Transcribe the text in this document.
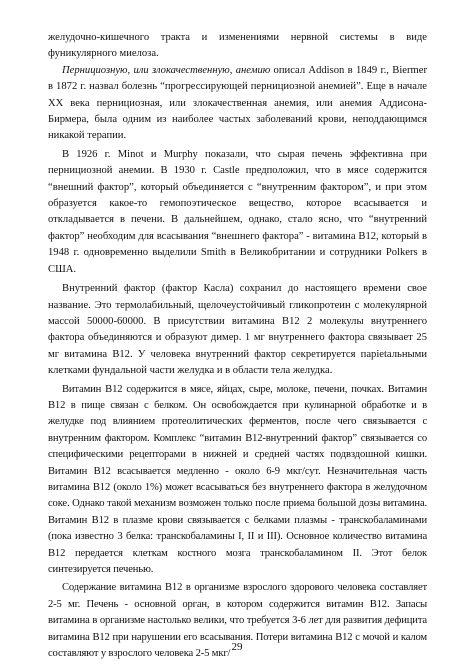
желудочно-кишечного тракта и изменениями нервной системы в виде фуникулярного миелоза.

Пернициозную, или злокачественную, анемию описал Addison в 1849 г., Biermer в 1872 г. назвал болезнь “прогрессирующей пернициозной анемией”. Еще в начале ХХ века пернициозная, или злокачественная анемия, или анемия Аддисона-Бирмера, была одним из наиболее частых заболеваний крови, неподдающимся никакой терапии.

В 1926 г. Minot и Murphy показали, что сырая печень эффективна при пернициозной анемии. В 1930 г. Castle предположил, что в мясе содержится “внешний фактор”, который объединяется с “внутренним фактором”, и при этом образуется какое-то гемопоэтическое вещество, которое всасывается и откладывается в печени. В дальнейшем, однако, стало ясно, что “внутренний фактор” необходим для всасывания “внешнего фактора” - витамина В12, который в 1948 г. одновременно выделили Smith в Великобритании и сотрудники Polkers в США.

Внутренний фактор (фактор Касла) сохранил до настоящего времени свое название. Это термолабильный, щелочеустойчивый гликопротеин с молекулярной массой 50000-60000. В присутствии витамина В12 2 молекулы внутреннего фактора объединяются и образуют димер. 1 мг внутреннего фактора связывает 25 мг витамина В12. У человека внутренний фактор секретируется парietальными клетками фундальной части желудка и в области тела желудка.

Витамин В12 содержится в мясе, яйцах, сыре, молоке, печени, почках. Витамин В12 в пище связан с белком. Он освобождается при кулинарной обработке и в желудке под влиянием протеолитических ферментов, после чего связывается с внутренним фактором. Комплекс “витамин В12-внутренний фактор” связывается со специфическими рецепторами в нижней и средней частях подвздошной кишки. Витамин В12 всасывается медленно - около 6-9 мкг/сут. Незначительная часть витамина В12 (около 1%) может всасываться без внутреннего фактора в желудочном соке. Однако такой механизм возможен только после приема большой дозы витамина. Витамин В12 в плазме крови связывается с белками плазмы - транскобаламинами (пока известно 3 белка: транскобаламины I, II и III). Основное количество витамина В12 передается клеткам костного мозга транскобаламином II. Этот белок синтезируется печенью.

Содержание витамина В12 в организме взрослого здорового человека составляет 2-5 мг. Печень - основной орган, в котором содержится витамин В12. Запасы витамина в организме настолько велики, что требуется 3-6 лет для развития дефицита витамина В12 при нарушении его всасывания. Потери витамина В12 с мочой и калом составляют у взрослого человека 2-5 мкг/

29
